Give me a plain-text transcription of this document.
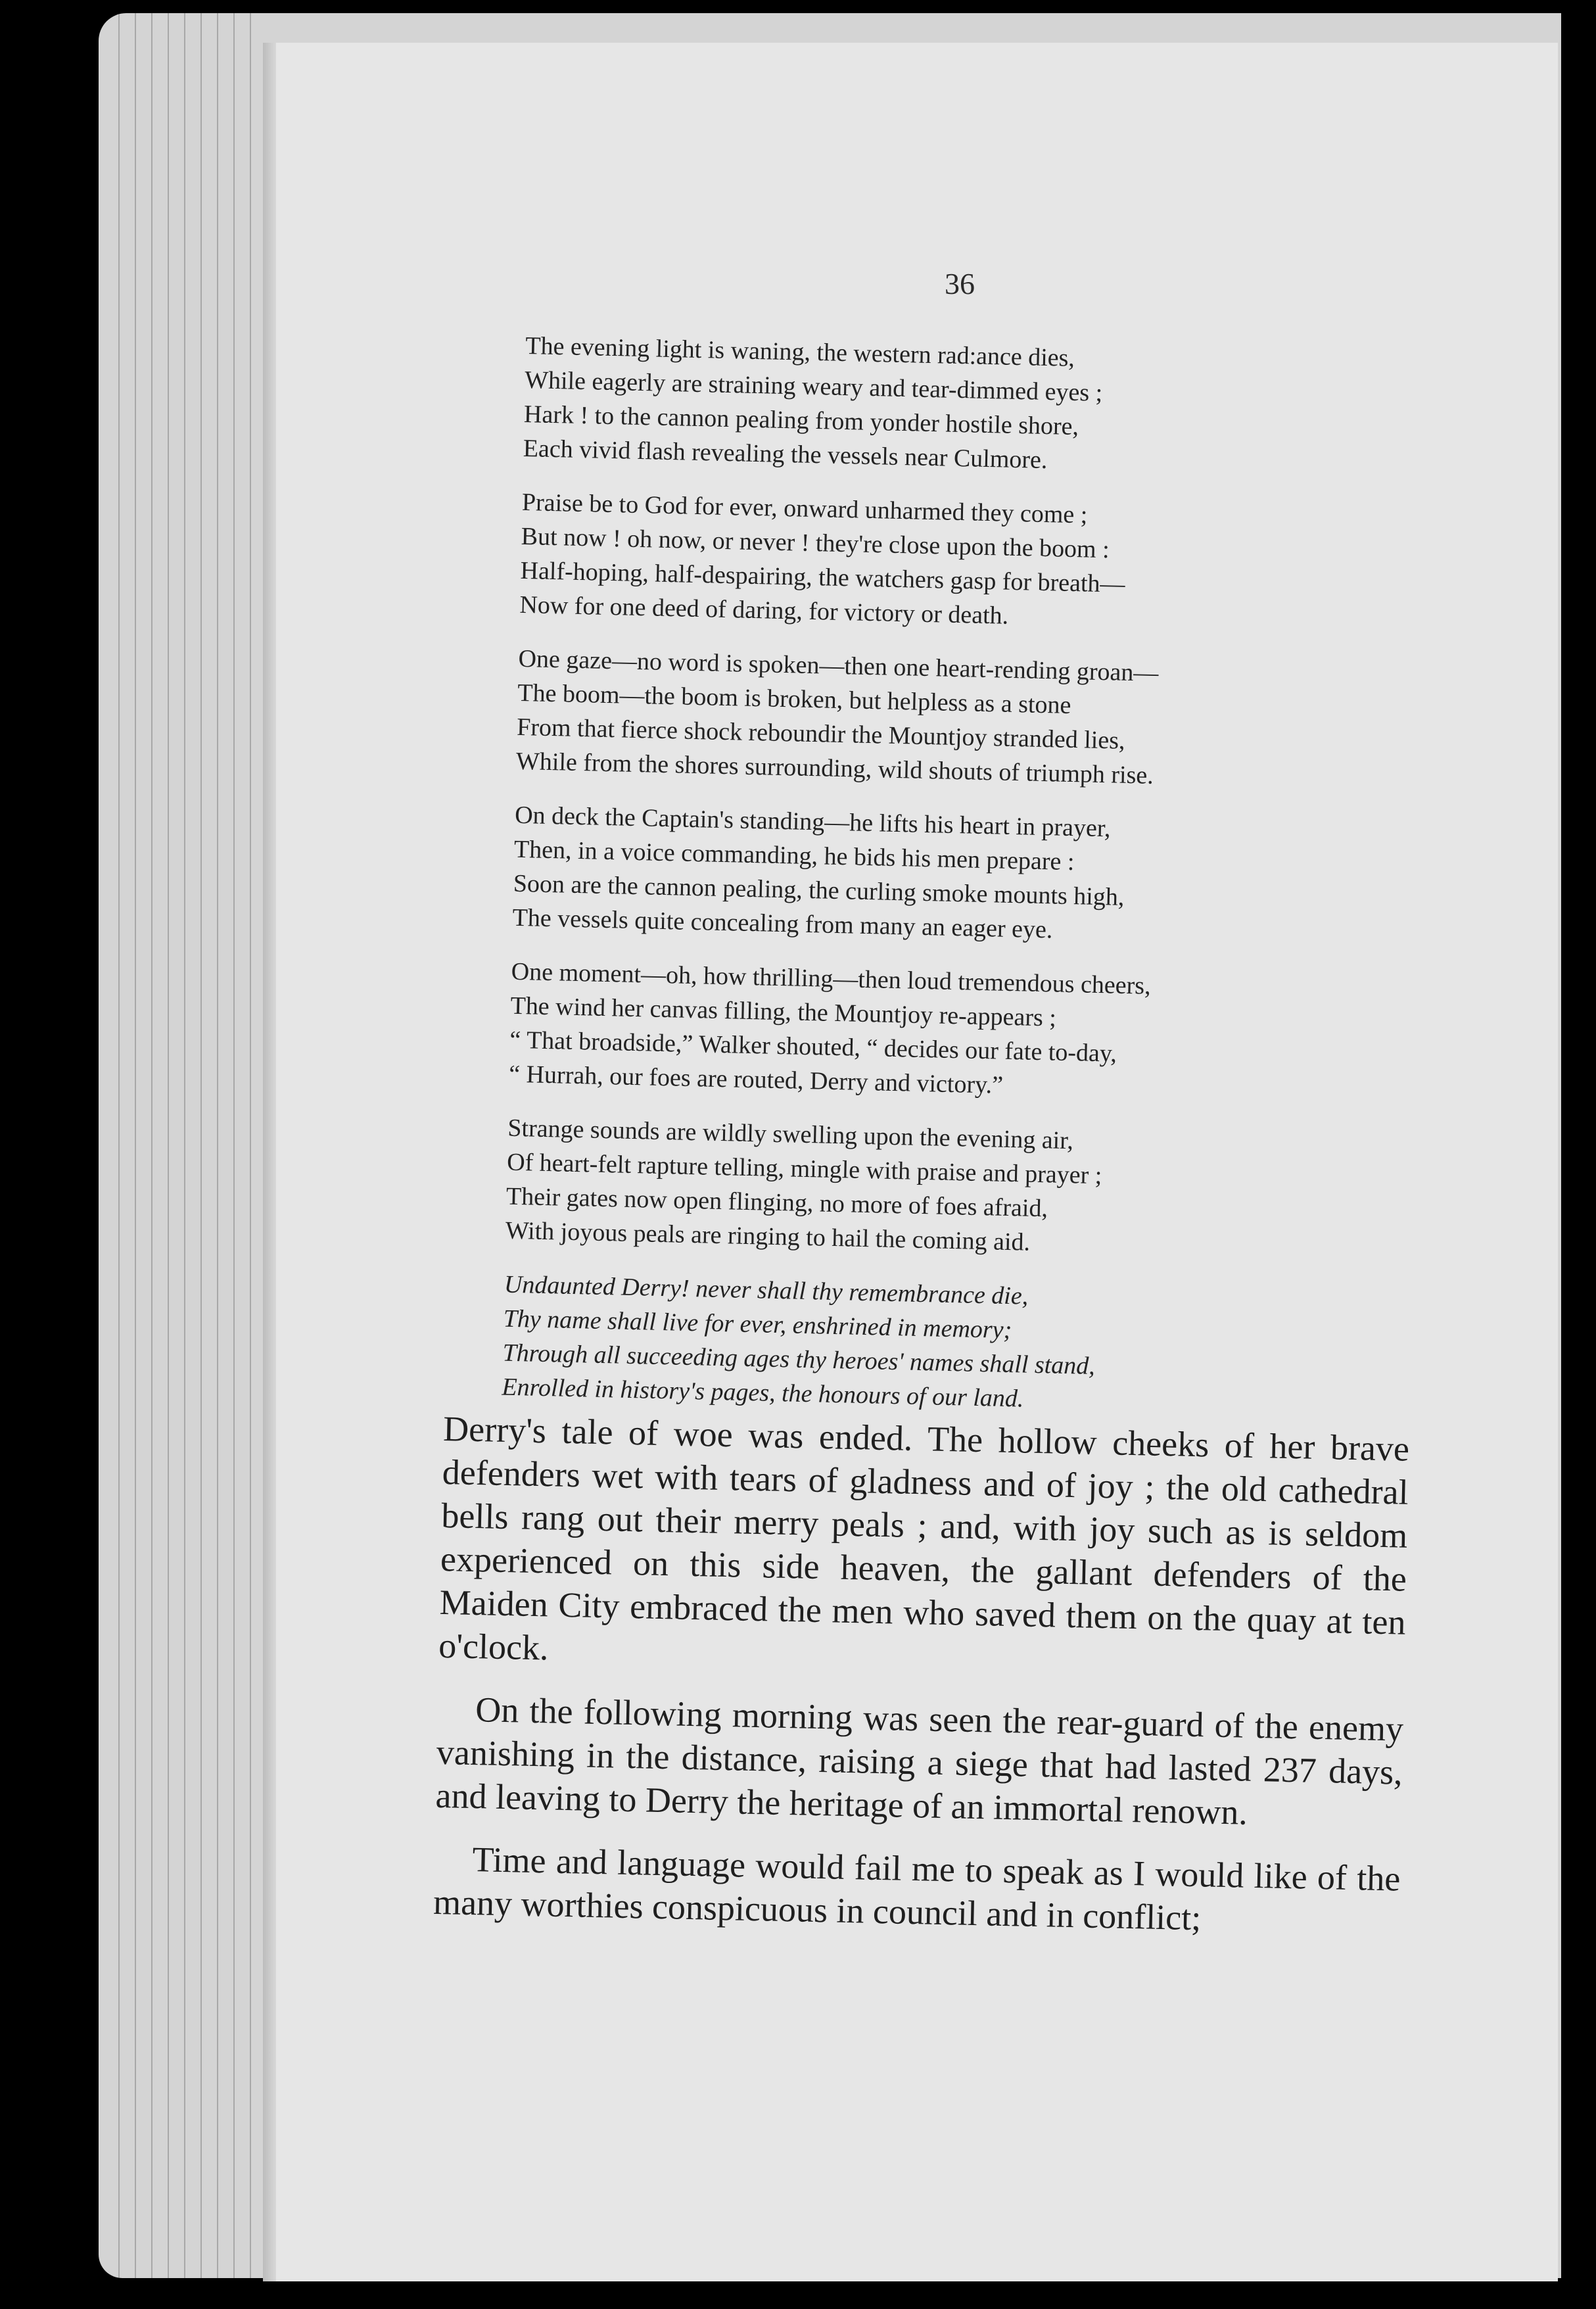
36
The evening light is waning, the western rad:ance dies,
While eagerly are straining weary and tear-dimmed eyes ;
Hark ! to the cannon pealing from yonder hostile shore,
Each vivid flash revealing the vessels near Culmore.
Praise be to God for ever, onward unharmed they come ;
But now ! oh now, or never ! they're close upon the boom :
Half-hoping, half-despairing, the watchers gasp for breath—
Now for one deed of daring, for victory or death.
One gaze—no word is spoken—then one heart-rending groan—
The boom—the boom is broken, but helpless as a stone
From that fierce shock reboundir the Mountjoy stranded lies,
While from the shores surrounding, wild shouts of triumph rise.
On deck the Captain's standing—he lifts his heart in prayer,
Then, in a voice commanding, he bids his men prepare :
Soon are the cannon pealing, the curling smoke mounts high,
The vessels quite concealing from many an eager eye.
One moment—oh, how thrilling—then loud tremendous cheers,
The wind her canvas filling, the Mountjoy re-appears ;
“ That broadside,” Walker shouted, “ decides our fate to-day,
“ Hurrah, our foes are routed, Derry and victory.”
Strange sounds are wildly swelling upon the evening air,
Of heart-felt rapture telling, mingle with praise and prayer ;
Their gates now open flinging, no more of foes afraid,
With joyous peals are ringing to hail the coming aid.
Undaunted Derry! never shall thy remembrance die,
Thy name shall live for ever, enshrined in memory;
Through all succeeding ages thy heroes' names shall stand,
Enrolled in history's pages, the honours of our land.

Derry's tale of woe was ended. The hollow cheeks of her brave defenders wet with tears of gladness and of joy ; the old cathedral bells rang out their merry peals ; and, with joy such as is seldom experienced on this side heaven, the gallant defenders of the Maiden City embraced the men who saved them on the quay at ten o'clock.

On the following morning was seen the rear-guard of the enemy vanishing in the distance, raising a siege that had lasted 237 days, and leaving to Derry the heritage of an immortal renown.

Time and language would fail me to speak as I would like of the many worthies conspicuous in council and in conflict;
